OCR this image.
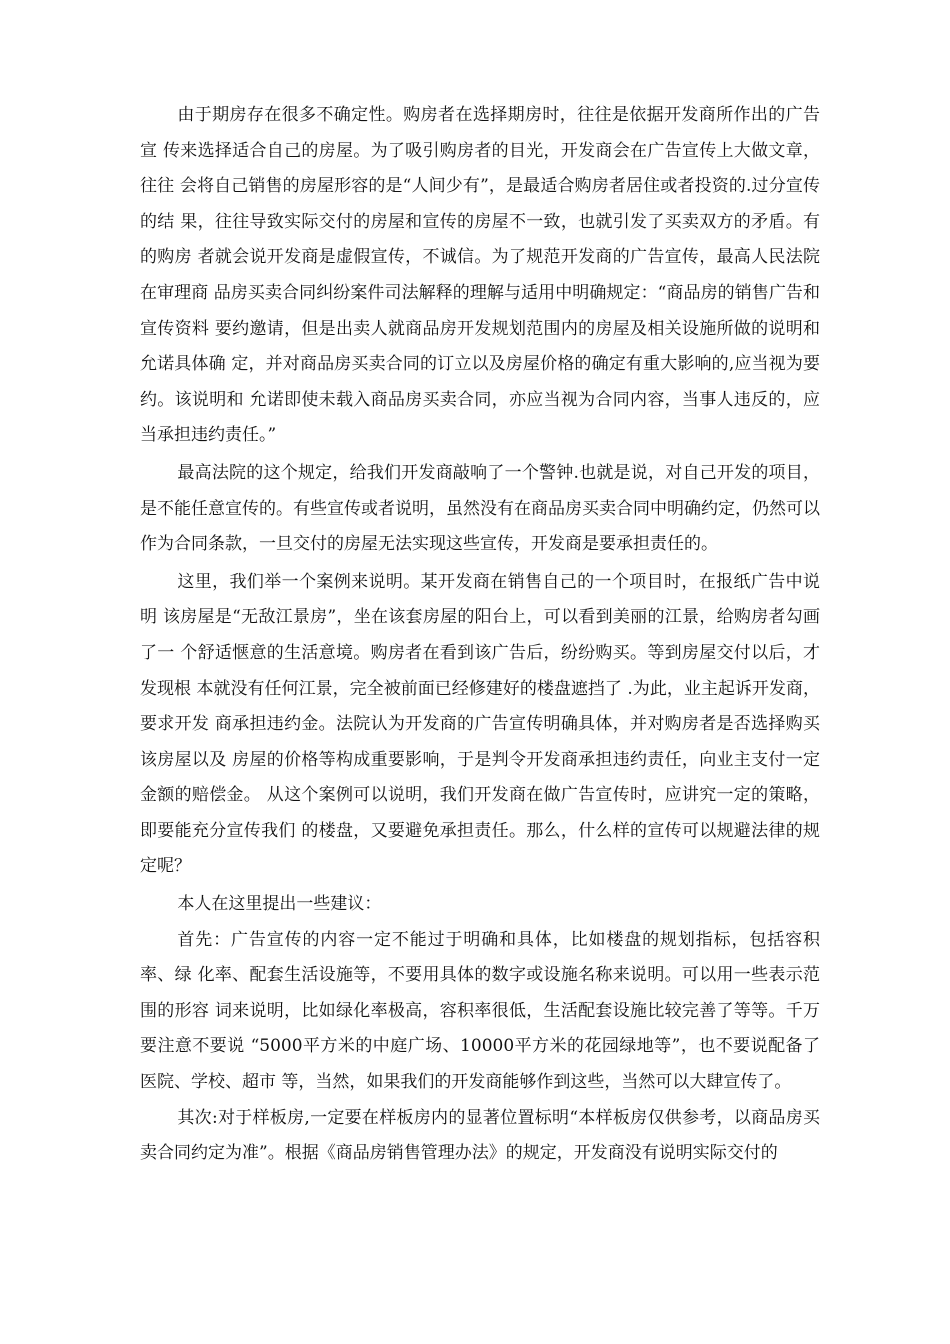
由于期房存在很多不确定性。购房者在选择期房时，往往是依据开发商所作出的广告宣 传来选择适合自己的房屋。为了吸引购房者的目光，开发商会在广告宣传上大做文章，往往 会将自己销售的房屋形容的是“人间少有”，是最适合购房者居住或者投资的.过分宣传的结 果，往往导致实际交付的房屋和宣传的房屋不一致，也就引发了买卖双方的矛盾。有的购房 者就会说开发商是虚假宣传，不诚信。为了规范开发商的广告宣传，最高人民法院在审理商 品房买卖合同纠纷案件司法解释的理解与适用中明确规定：“商品房的销售广告和宣传资料 要约邀请，但是出卖人就商品房开发规划范围内的房屋及相关设施所做的说明和允诺具体确 定，并对商品房买卖合同的订立以及房屋价格的确定有重大影响的,应当视为要约。该说明和 允诺即使未载入商品房买卖合同，亦应当视为合同内容，当事人违反的，应当承担违约责任。”

最高法院的这个规定，给我们开发商敲响了一个警钟.也就是说，对自己开发的项目， 是不能任意宣传的。有些宣传或者说明，虽然没有在商品房买卖合同中明确约定，仍然可以 作为合同条款，一旦交付的房屋无法实现这些宣传，开发商是要承担责任的。

这里，我们举一个案例来说明。某开发商在销售自己的一个项目时，在报纸广告中说明 该房屋是“无敌江景房”，坐在该套房屋的阳台上，可以看到美丽的江景，给购房者勾画了一 个舒适惬意的生活意境。购房者在看到该广告后，纷纷购买。等到房屋交付以后，才发现根 本就没有任何江景，完全被前面已经修建好的楼盘遮挡了 .为此，业主起诉开发商，要求开发 商承担违约金。法院认为开发商的广告宣传明确具体，并对购房者是否选择购买该房屋以及 房屋的价格等构成重要影响，于是判令开发商承担违约责任，向业主支付一定金额的赔偿金。 从这个案例可以说明，我们开发商在做广告宣传时，应讲究一定的策略，即要能充分宣传我们 的楼盘，又要避免承担责任。那么，什么样的宣传可以规避法律的规定呢？

本人在这里提出一些建议：

首先：广告宣传的内容一定不能过于明确和具体，比如楼盘的规划指标，包括容积率、绿 化率、配套生活设施等，不要用具体的数字或设施名称来说明。可以用一些表示范围的形容 词来说明，比如绿化率极高，容积率很低，生活配套设施比较完善了等等。千万要注意不要说 “5000平方米的中庭广场、10000平方米的花园绿地等”，也不要说配备了医院、学校、超市 等，当然，如果我们的开发商能够作到这些，当然可以大肆宣传了。

其次:对于样板房,一定要在样板房内的显著位置标明“本样板房仅供参考，以商品房买 卖合同约定为准”。根据《商品房销售管理办法》的规定，开发商没有说明实际交付的
